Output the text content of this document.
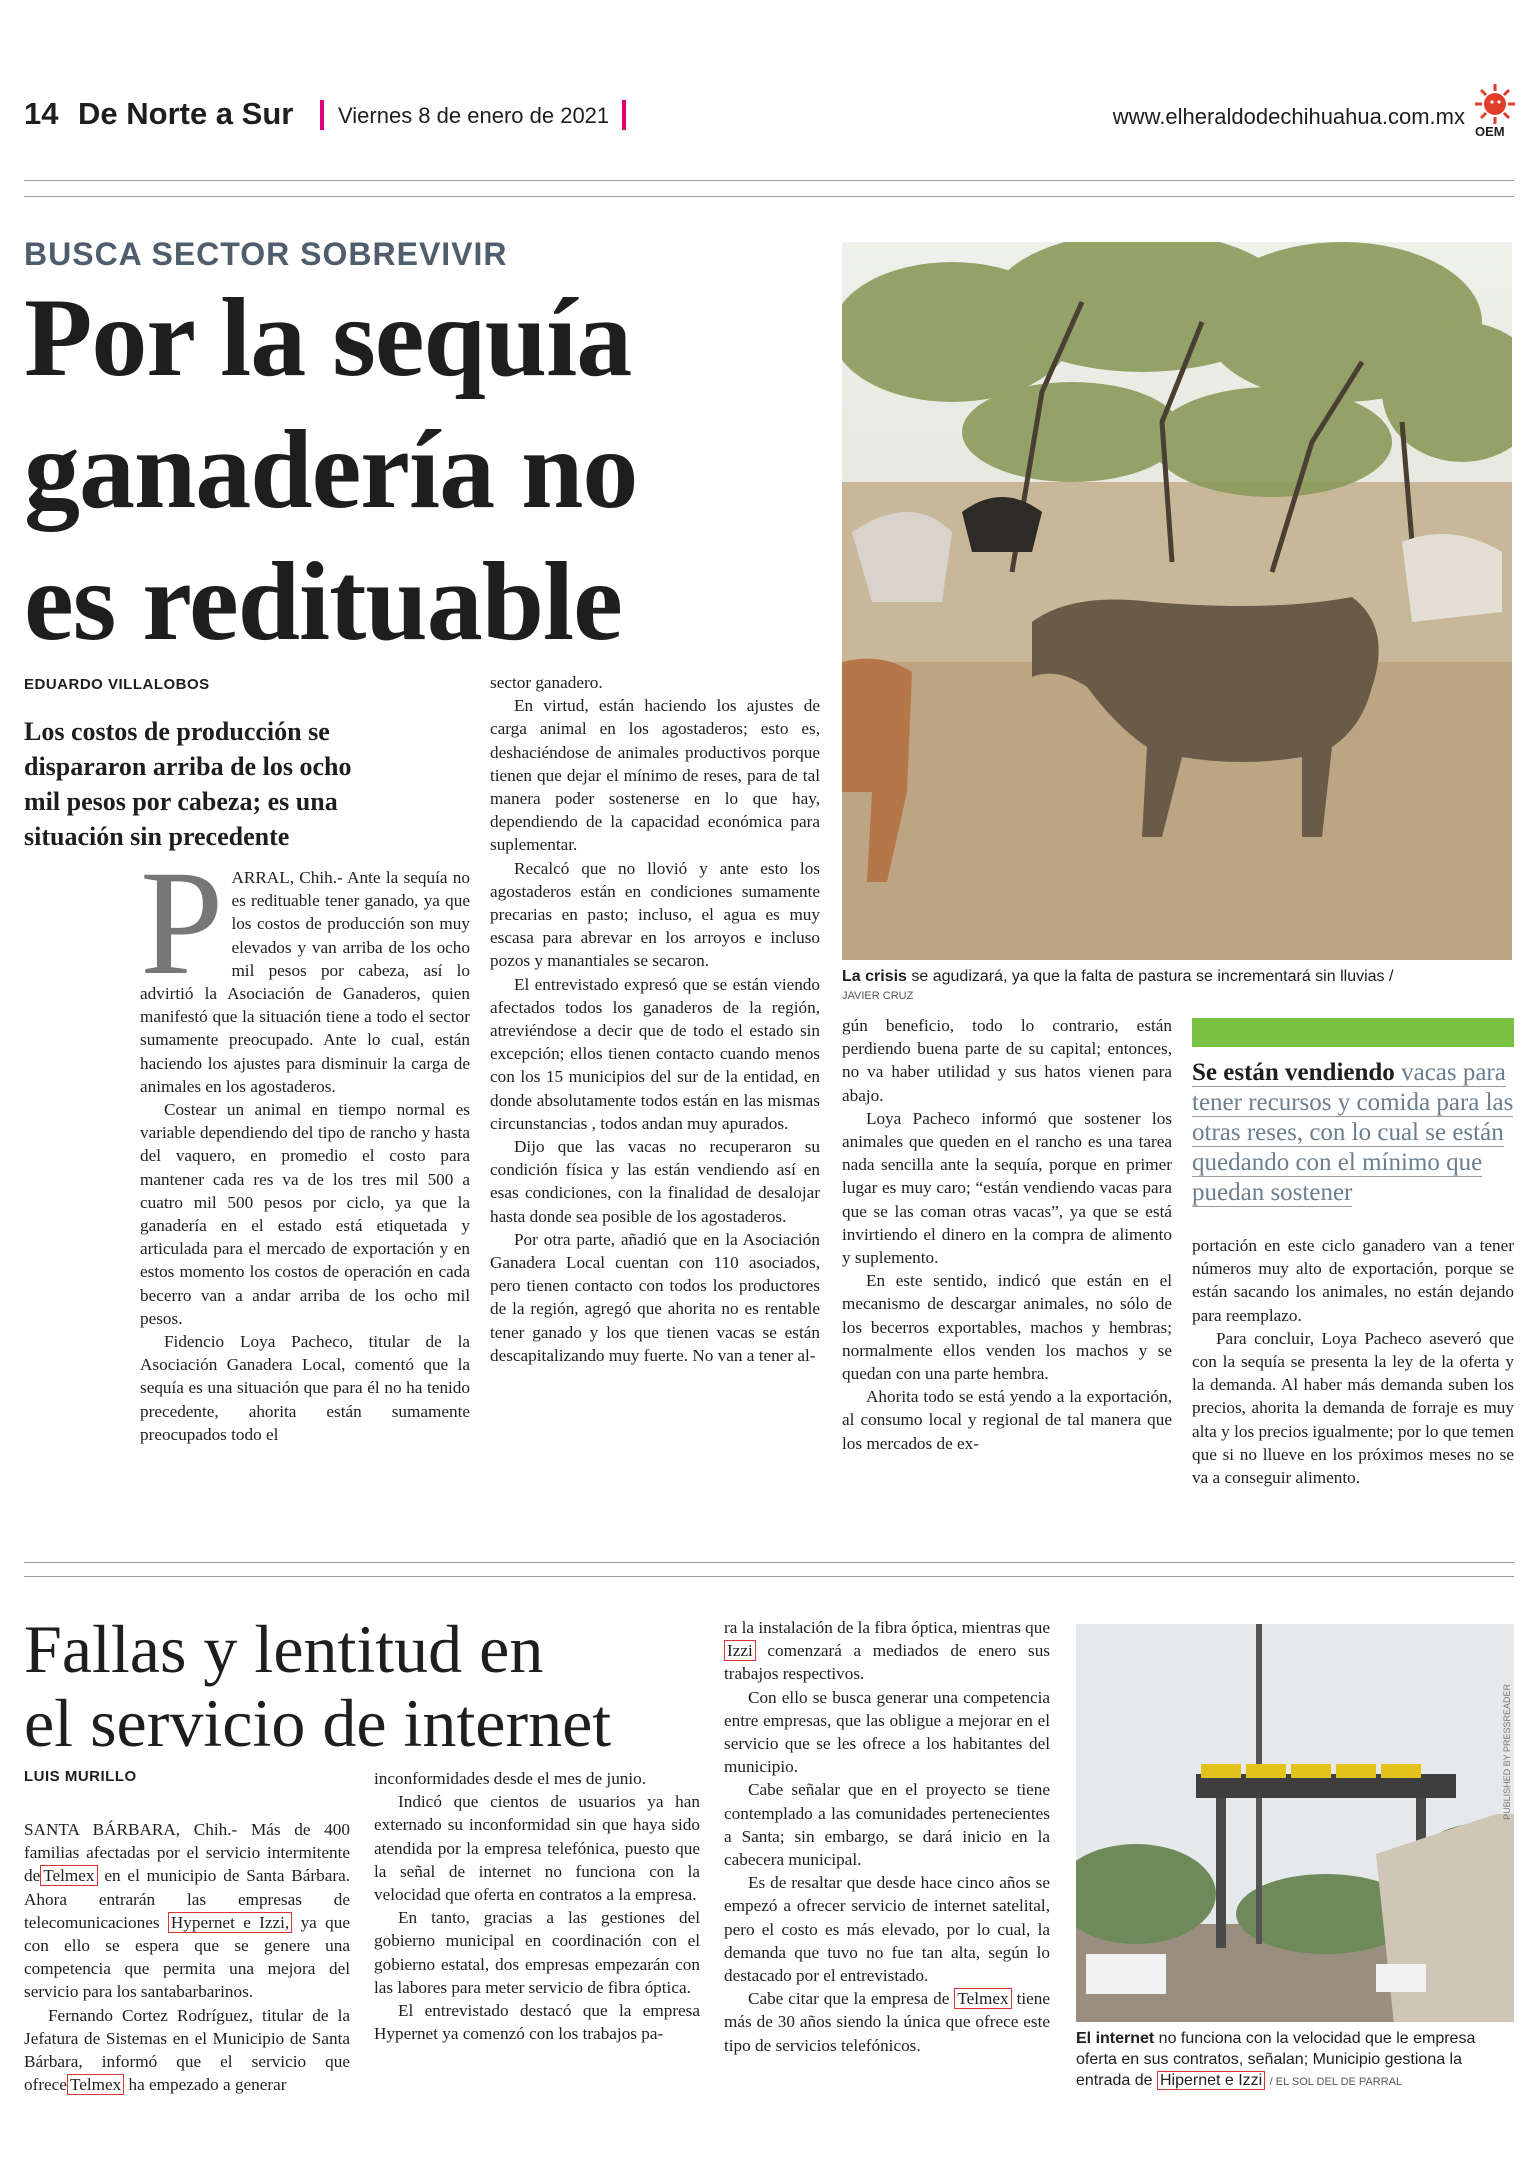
14 De Norte a Sur Viernes 8 de enero de 2021	www.elheraldodechihuahua.com.mx
OEM
BUSCA SECTOR SOBREVIVIR
Por la sequía
ganadería no
es redituable
EDUARDO VILLALOBOS
Los costos de producción se dispararon arriba de los ocho mil pesos por cabeza; es una situación sin precedente
P ARRAL, Chih.- Ante la sequía no es redituable tener ganado, ya que los costos de producción son muy elevados y van arriba de los ocho mil pesos por cabeza, así lo advirtió la Asociación de Ganaderos, quien manifestó que la situación tiene a todo el sector sumamente preocupado. Ante lo cual, están haciendo los ajustes para disminuir la carga de animales en los agostaderos.

Costear un animal en tiempo normal es variable dependiendo del tipo de rancho y hasta del vaquero, en promedio el costo para mantener cada res va de los tres mil 500 a cuatro mil 500 pesos por ciclo, ya que la ganadería en el estado está etiquetada y articulada para el mercado de exportación y en estos momento los costos de operación en cada becerro van a andar arriba de los ocho mil pesos.

Fidencio Loya Pacheco, titular de la Asociación Ganadera Local, comentó que la sequía es una situación que para él no ha tenido precedente, ahorita están sumamente preocupados todo el

sector ganadero.

En virtud, están haciendo los ajustes de carga animal en los agostaderos; esto es, deshaciéndose de animales productivos porque tienen que dejar el mínimo de reses, para de tal manera poder sostenerse en lo que hay, dependiendo de la capacidad económica para suplementar.

Recalcó que no llovió y ante esto los agostaderos están en condiciones sumamente precarias en pasto; incluso, el agua es muy escasa para abrevar en los arroyos e incluso pozos y manantiales se secaron.

El entrevistado expresó que se están viendo afectados todos los ganaderos de la región, atreviéndose a decir que de todo el estado sin excepción; ellos tienen contacto cuando menos con los 15 municipios del sur de la entidad, en donde absolutamente todos están en las mismas circunstancias , todos andan muy apurados.

Dijo que las vacas no recuperaron su condición física y las están vendiendo así en esas condiciones, con la finalidad de desalojar hasta donde sea posible de los agostaderos.

Por otra parte, añadió que en la Asociación Ganadera Local cuentan con 110 asociados, pero tienen contacto con todos los productores de la región, agregó que ahorita no es rentable tener ganado y los que tienen vacas se están descapitalizando muy fuerte. No van a tener al-

La crisis se agudizará, ya que la falta de pastura se incrementará sin lluvias /
JAVIER CRUZ

gún beneficio, todo lo contrario, están perdiendo buena parte de su capital; entonces, no va haber utilidad y sus hatos vienen para abajo.

Loya Pacheco informó que sostener los animales que queden en el rancho es una tarea nada sencilla ante la sequía, porque en primer lugar es muy caro; “están vendiendo vacas para que se las coman otras vacas”, ya que se está invirtiendo el dinero en la compra de alimento y suplemento.

En este sentido, indicó que están en el mecanismo de descargar animales, no sólo de los becerros exportables, machos y hembras; normalmente ellos venden los machos y se quedan con una parte hembra.

Ahorita todo se está yendo a la exportación, al consumo local y regional de tal manera que los mercados de ex-

Se están vendiendo vacas para tener recursos y comida para las otras reses, con lo cual se están quedando con el mínimo que puedan sostener

portación en este ciclo ganadero van a tener números muy alto de exportación, porque se están sacando los animales, no están dejando para reemplazo.

Para concluir, Loya Pacheco aseveró que con la sequía se presenta la ley de la oferta y la demanda. Al haber más demanda suben los precios, ahorita la demanda de forraje es muy alta y los precios igualmente; por lo que temen que si no llueve en los próximos meses no se va a conseguir alimento.

Fallas y lentitud en
el servicio de internet
LUIS MURILLO

SANTA BÁRBARA, Chih.- Más de 400 familias afectadas por el servicio intermitente de Telmex en el municipio de Santa Bárbara. Ahora entrarán las empresas de telecomunicaciones Hypernet e Izzi, ya que con ello se espera que se genere una competencia que permita una mejora del servicio para los santabarbarinos.

Fernando Cortez Rodríguez, titular de la Jefatura de Sistemas en el Municipio de Santa Bárbara, informó que el servicio que ofrece Telmex ha empezado a generar

inconformidades desde el mes de junio.

Indicó que cientos de usuarios ya han externado su inconformidad sin que haya sido atendida por la empresa telefónica, puesto que la señal de internet no funciona con la velocidad que oferta en contratos a la empresa.

En tanto, gracias a las gestiones del gobierno municipal en coordinación con el gobierno estatal, dos empresas empezarán con las labores para meter servicio de fibra óptica.

El entrevistado destacó que la empresa Hypernet ya comenzó con los trabajos pa-

ra la instalación de la fibra óptica, mientras que Izzi comenzará a mediados de enero sus trabajos respectivos.

Con ello se busca generar una competencia entre empresas, que las obligue a mejorar en el servicio que se les ofrece a los habitantes del municipio.

Cabe señalar que en el proyecto se tiene contemplado a las comunidades pertenecientes a Santa; sin embargo, se dará inicio en la cabecera municipal.

Es de resaltar que desde hace cinco años se empezó a ofrecer servicio de internet satelital, pero el costo es más elevado, por lo cual, la demanda que tuvo no fue tan alta, según lo destacado por el entrevistado.

Cabe citar que la empresa de Telmex tiene más de 30 años siendo la única que ofrece este tipo de servicios telefónicos.

PUBLISHED BY PRESSREADER
El internet no funciona con la velocidad que le empresa oferta en sus contratos, señalan; Municipio gestiona la entrada de Hipernet e Izzi / EL SOL DEL DE PARRAL
